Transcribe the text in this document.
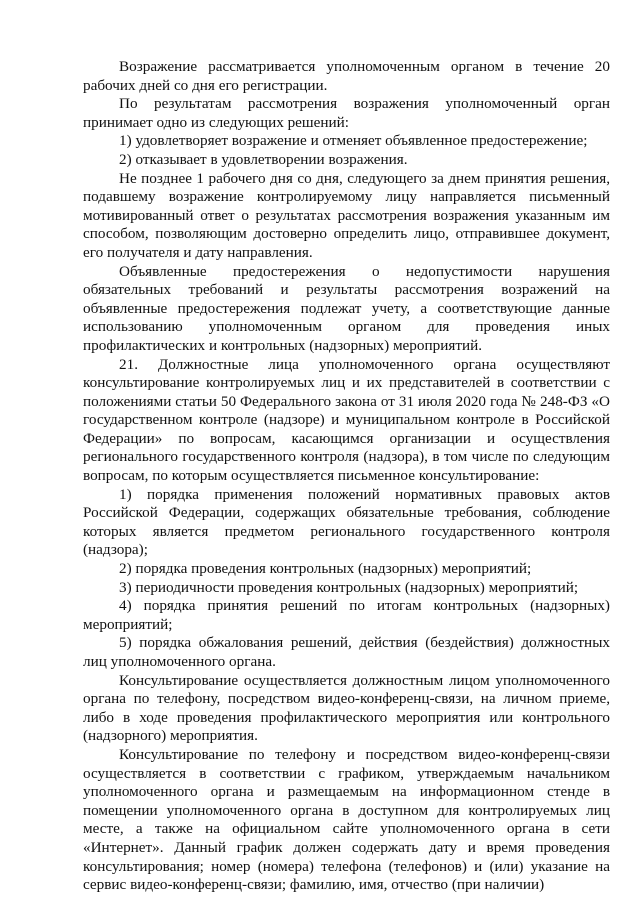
Возражение рассматривается уполномоченным органом в течение 20 рабочих дней со дня его регистрации.

По результатам рассмотрения возражения уполномоченный орган принимает одно из следующих решений:

1) удовлетворяет возражение и отменяет объявленное предостережение;

2) отказывает в удовлетворении возражения.

Не позднее 1 рабочего дня со дня, следующего за днем принятия решения, подавшему возражение контролируемому лицу направляется письменный мотивированный ответ о результатах рассмотрения возражения указанным им способом, позволяющим достоверно определить лицо, отправившее документ, его получателя и дату направления.

Объявленные предостережения о недопустимости нарушения обязательных требований и результаты рассмотрения возражений на объявленные предостережения подлежат учету, а соответствующие данные использованию уполномоченным органом для проведения иных профилактических и контрольных (надзорных) мероприятий.

21. Должностные лица уполномоченного органа осуществляют консультирование контролируемых лиц и их представителей в соответствии с положениями статьи 50 Федерального закона от 31 июля 2020 года № 248-ФЗ «О государственном контроле (надзоре) и муниципальном контроле в Российской Федерации» по вопросам, касающимся организации и осуществления регионального государственного контроля (надзора), в том числе по следующим вопросам, по которым осуществляется письменное консультирование:

1) порядка применения положений нормативных правовых актов Российской Федерации, содержащих обязательные требования, соблюдение которых является предметом регионального государственного контроля (надзора);

2) порядка проведения контрольных (надзорных) мероприятий;

3) периодичности проведения контрольных (надзорных) мероприятий;

4) порядка принятия решений по итогам контрольных (надзорных) мероприятий;

5) порядка обжалования решений, действия (бездействия) должностных лиц уполномоченного органа.

Консультирование осуществляется должностным лицом уполномоченного органа по телефону, посредством видео-конференц-связи, на личном приеме, либо в ходе проведения профилактического мероприятия или контрольного (надзорного) мероприятия.

Консультирование по телефону и посредством видео-конференц-связи осуществляется в соответствии с графиком, утверждаемым начальником уполномоченного органа и размещаемым на информационном стенде в помещении уполномоченного органа в доступном для контролируемых лиц месте, а также на официальном сайте уполномоченного органа в сети «Интернет». Данный график должен содержать дату и время проведения консультирования; номер (номера) телефона (телефонов) и (или) указание на сервис видео-конференц-связи; фамилию, имя, отчество (при наличии)
